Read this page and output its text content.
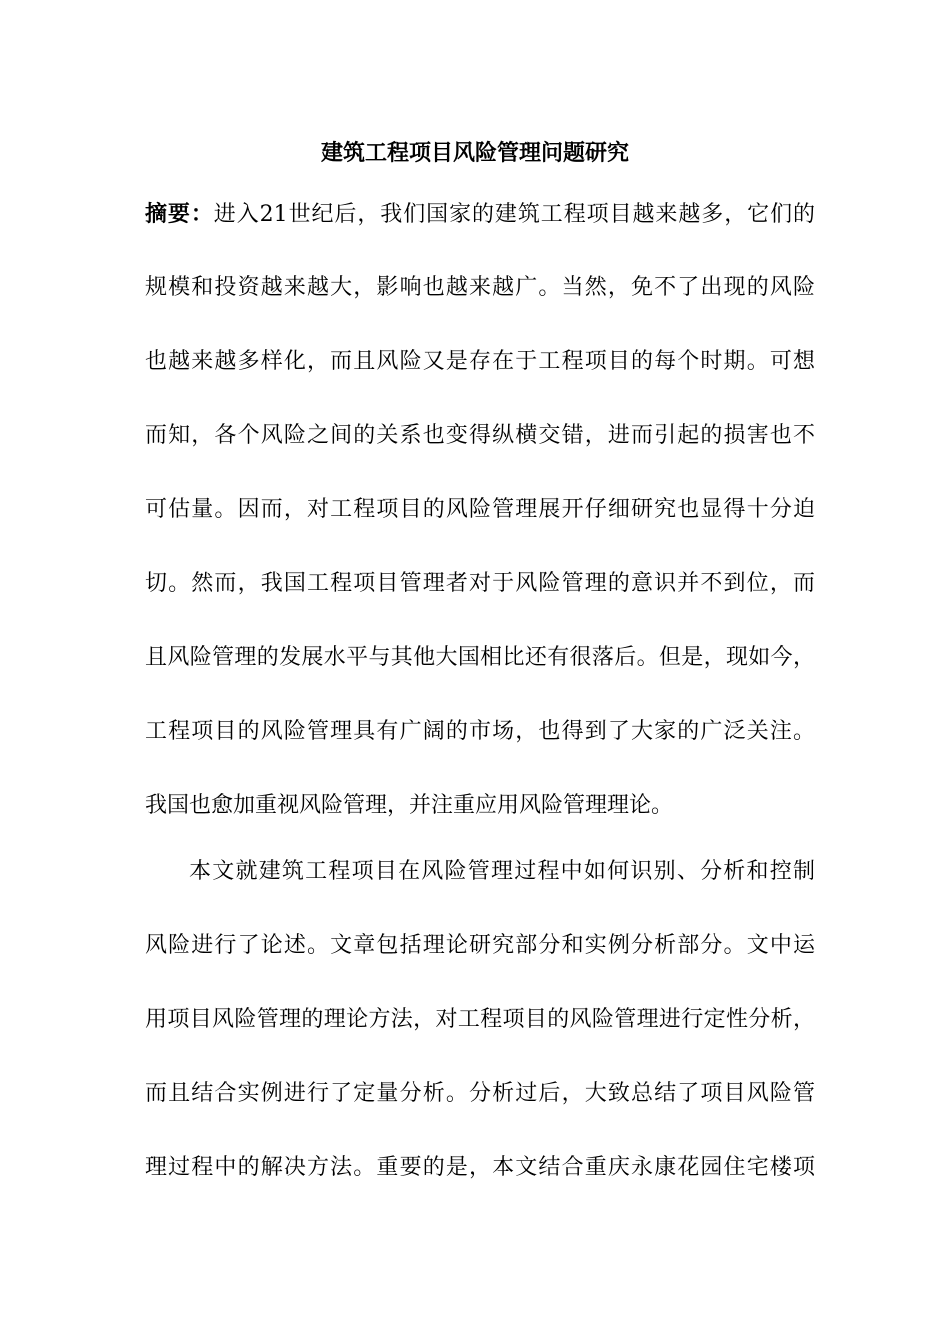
建筑工程项目风险管理问题研究
摘要：进入21世纪后，我们国家的建筑工程项目越来越多，它们的
规模和投资越来越大，影响也越来越广。当然，免不了出现的风险
也越来越多样化，而且风险又是存在于工程项目的每个时期。可想
而知，各个风险之间的关系也变得纵横交错，进而引起的损害也不
可估量。因而，对工程项目的风险管理展开仔细研究也显得十分迫
切。然而，我国工程项目管理者对于风险管理的意识并不到位，而
且风险管理的发展水平与其他大国相比还有很落后。但是，现如今，
工程项目的风险管理具有广阔的市场，也得到了大家的广泛关注。
我国也愈加重视风险管理，并注重应用风险管理理论。
本文就建筑工程项目在风险管理过程中如何识别、分析和控制
风险进行了论述。文章包括理论研究部分和实例分析部分。文中运
用项目风险管理的理论方法，对工程项目的风险管理进行定性分析，
而且结合实例进行了定量分析。分析过后，大致总结了项目风险管
理过程中的解决方法。重要的是，本文结合重庆永康花园住宅楼项
